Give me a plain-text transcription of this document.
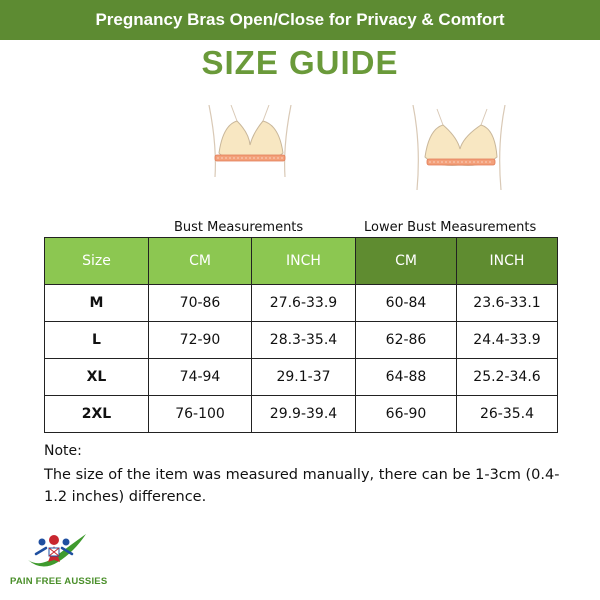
Pregnancy Bras Open/Close for Privacy & Comfort
SIZE GUIDE
Bust Measurements	Lower Bust Measurements
Size	CM	INCH	CM	INCH
M	70-86	27.6-33.9	60-84	23.6-33.1
L	72-90	28.3-35.4	62-86	24.4-33.9
XL	74-94	29.1-37	64-88	25.2-34.6
2XL	76-100	29.9-39.4	66-90	26-35.4
Note:
The size of the item was measured manually, there can be 1-3cm (0.4-1.2 inches) difference.
PAIN FREE AUSSIES
